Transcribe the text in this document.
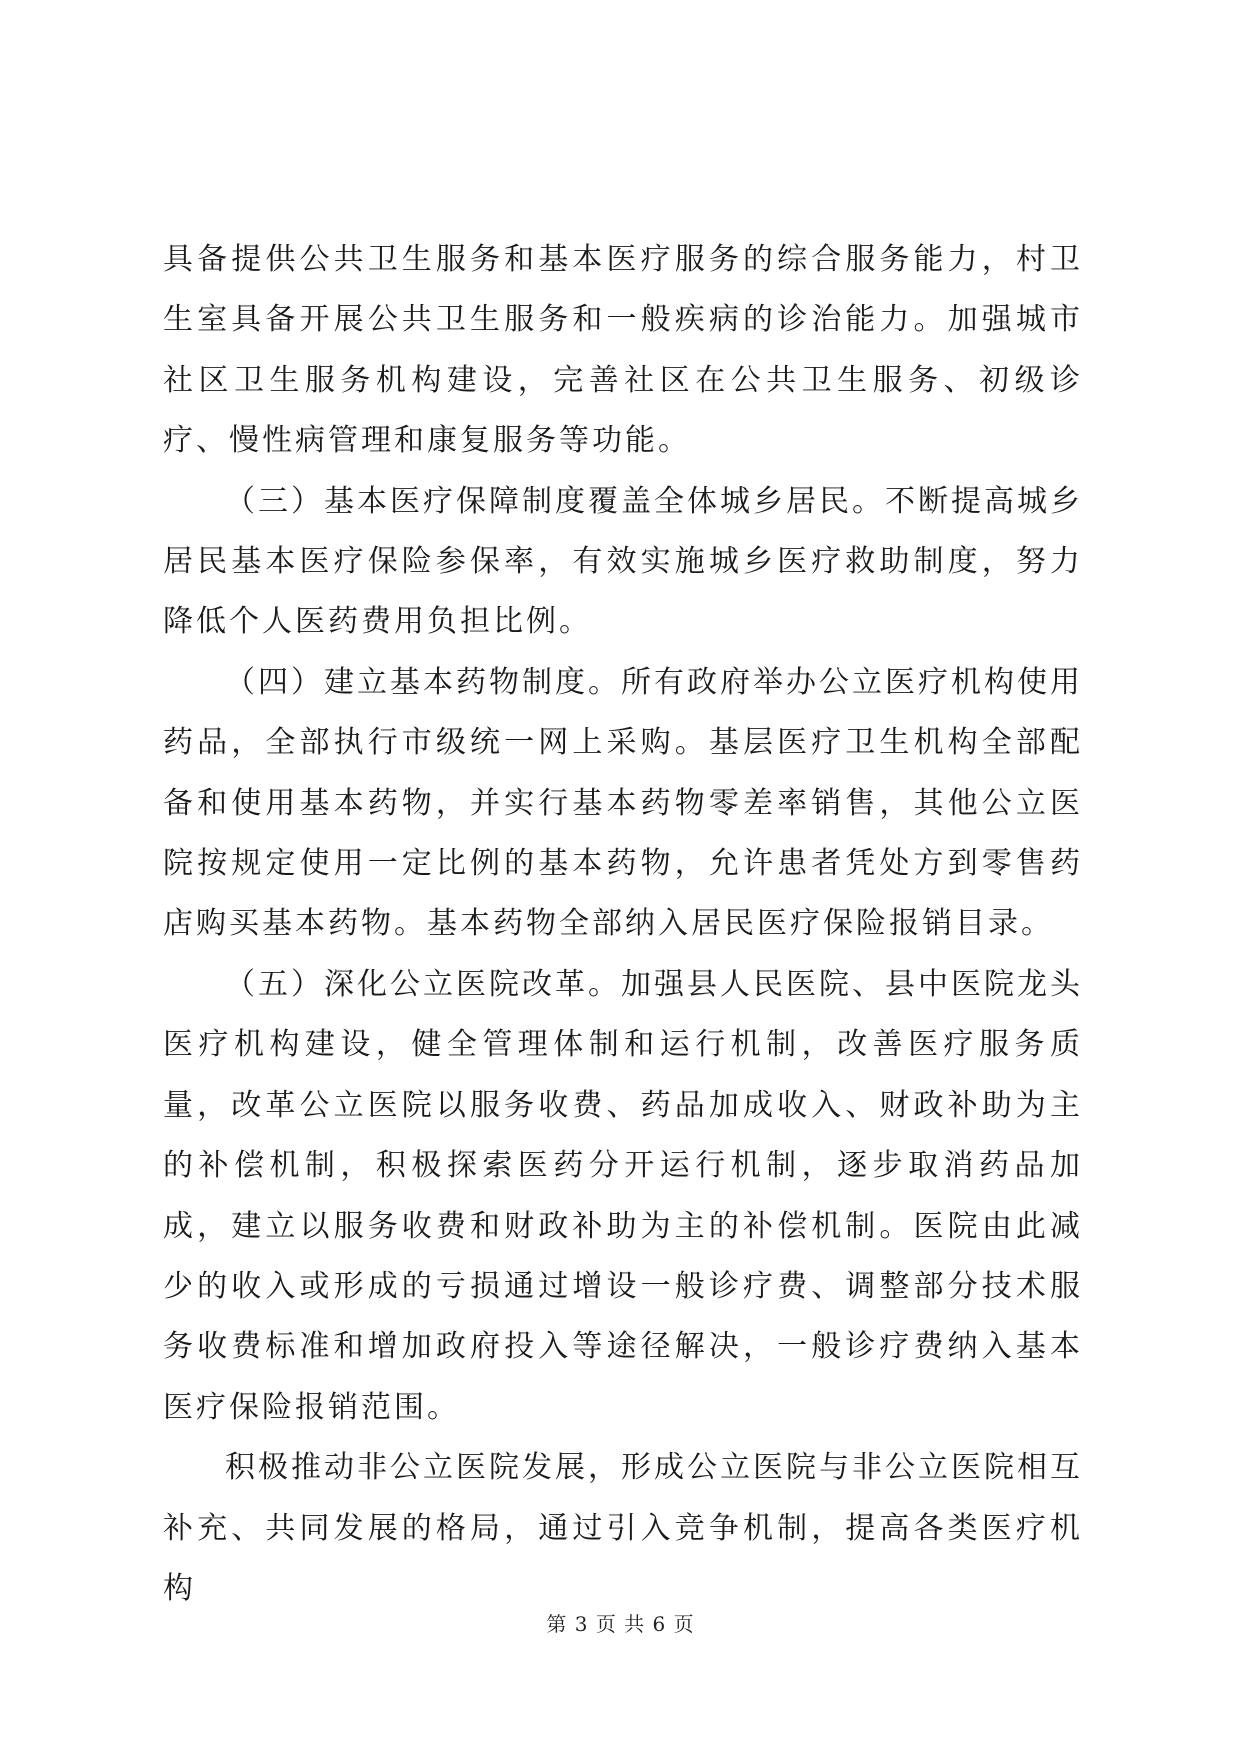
具备提供公共卫生服务和基本医疗服务的综合服务能力，村卫生室具备开展公共卫生服务和一般疾病的诊治能力。加强城市社区卫生服务机构建设，完善社区在公共卫生服务、初级诊疗、慢性病管理和康复服务等功能。

（三）基本医疗保障制度覆盖全体城乡居民。不断提高城乡居民基本医疗保险参保率，有效实施城乡医疗救助制度，努力降低个人医药费用负担比例。

（四）建立基本药物制度。所有政府举办公立医疗机构使用药品，全部执行市级统一网上采购。基层医疗卫生机构全部配备和使用基本药物，并实行基本药物零差率销售，其他公立医院按规定使用一定比例的基本药物，允许患者凭处方到零售药店购买基本药物。基本药物全部纳入居民医疗保险报销目录。

（五）深化公立医院改革。加强县人民医院、县中医院龙头医疗机构建设，健全管理体制和运行机制，改善医疗服务质量，改革公立医院以服务收费、药品加成收入、财政补助为主的补偿机制，积极探索医药分开运行机制，逐步取消药品加成，建立以服务收费和财政补助为主的补偿机制。医院由此减少的收入或形成的亏损通过增设一般诊疗费、调整部分技术服务收费标准和增加政府投入等途径解决，一般诊疗费纳入基本医疗保险报销范围。

积极推动非公立医院发展，形成公立医院与非公立医院相互补充、共同发展的格局，通过引入竞争机制，提高各类医疗机构

第 3 页 共 6 页
